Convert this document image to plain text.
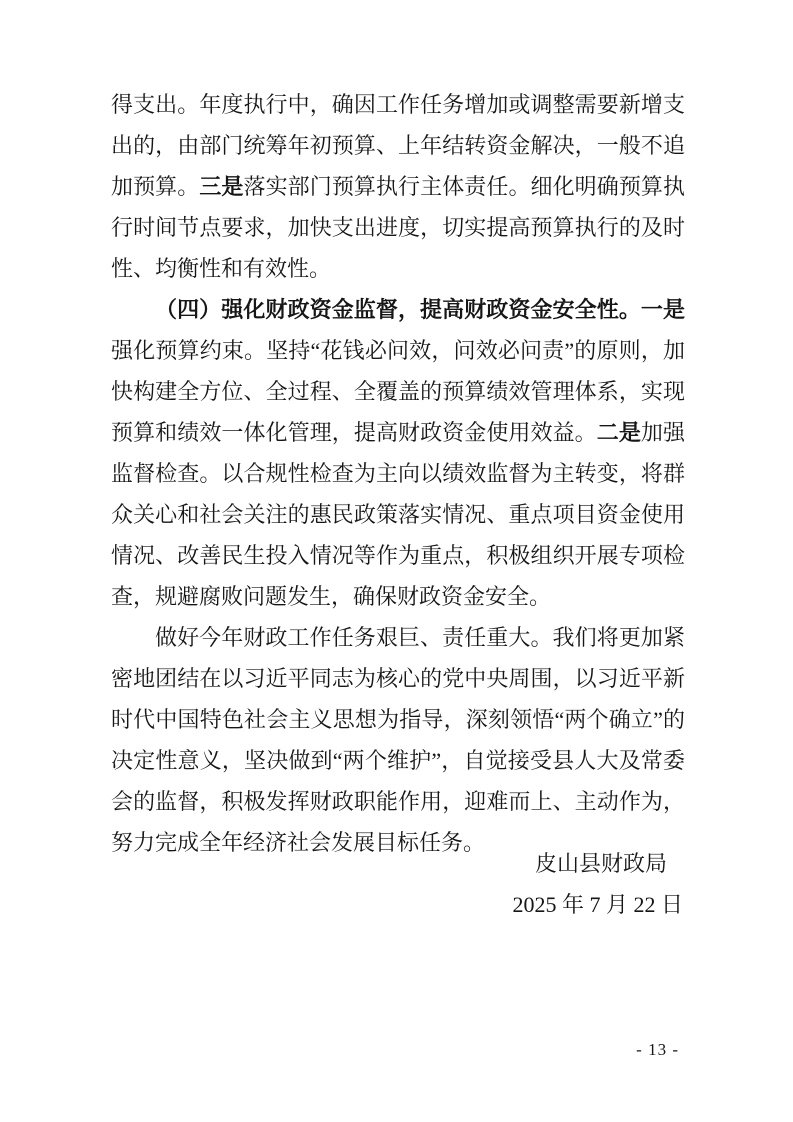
得支出。年度执行中，确因工作任务增加或调整需要新增支出的，由部门统筹年初预算、上年结转资金解决，一般不追加预算。三是落实部门预算执行主体责任。细化明确预算执行时间节点要求，加快支出进度，切实提高预算执行的及时性、均衡性和有效性。

（四）强化财政资金监督，提高财政资金安全性。一是强化预算约束。坚持“花钱必问效，问效必问责”的原则，加快构建全方位、全过程、全覆盖的预算绩效管理体系，实现预算和绩效一体化管理，提高财政资金使用效益。二是加强监督检查。以合规性检查为主向以绩效监督为主转变，将群众关心和社会关注的惠民政策落实情况、重点项目资金使用情况、改善民生投入情况等作为重点，积极组织开展专项检查，规避腐败问题发生，确保财政资金安全。

做好今年财政工作任务艰巨、责任重大。我们将更加紧密地团结在以习近平同志为核心的党中央周围，以习近平新时代中国特色社会主义思想为指导，深刻领悟“两个确立”的决定性意义，坚决做到“两个维护”，自觉接受县人大及常委会的监督，积极发挥财政职能作用，迎难而上、主动作为，努力完成全年经济社会发展目标任务。

皮山县财政局
2025 年 7 月 22 日
- 13 -
